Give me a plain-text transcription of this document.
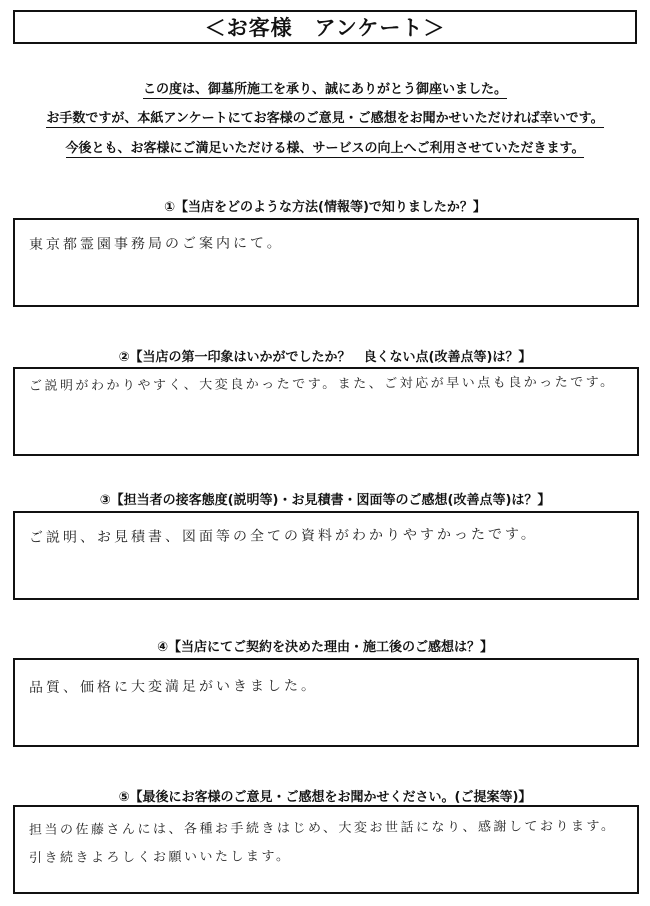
＜お客様　アンケート＞
この度は、御墓所施工を承り、誠にありがとう御座いました。
お手数ですが、本紙アンケートにてお客様のご意見・ご感想をお聞かせいただければ幸いです。
今後とも、お客様にご満足いただける様、サービスの向上へご利用させていただきます。
①【当店をどのような方法(情報等)で知りましたか？】
東京都霊園事務局のご案内にて。
②【当店の第一印象はいかがでしたか？　良くない点(改善点等)は？】
ご説明がわかりやすく、大変良かったです。また、ご対応が早い点も良かったです。
③【担当者の接客態度(説明等)・お見積書・図面等のご感想(改善点等)は？】
ご説明、お見積書、図面等の全ての資料がわかりやすかったです。
④【当店にてご契約を決めた理由・施工後のご感想は？】
品質、価格に大変満足がいきました。
⑤【最後にお客様のご意見・ご感想をお聞かせください。(ご提案等)】
担当の佐藤さんには、各種お手続きはじめ、大変お世話になり、感謝しております。
引き続きよろしくお願いいたします。
